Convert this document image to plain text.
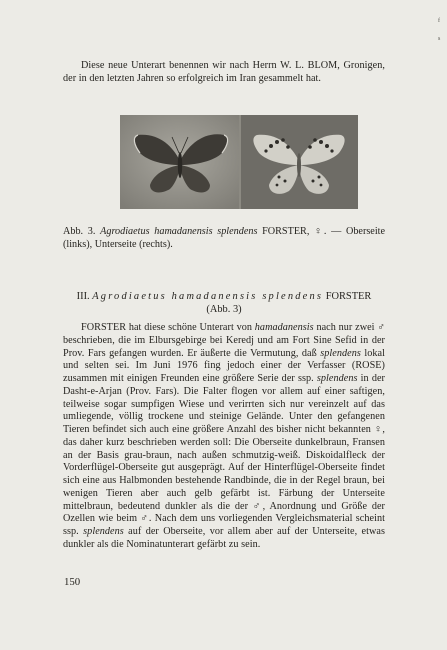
f
s

Diese neue Unterart benennen wir nach Herrn W. L. BLOM, Gronigen, der in den letzten Jahren so erfolgreich im Iran gesammelt hat.

Abb. 3. Agrodiaetus hamadanensis splendens FORSTER, ♀. — Oberseite (links), Unterseite (rechts).

III. Agrodiaetus hamadanensis splendens FORSTER
(Abb. 3)

FORSTER hat diese schöne Unterart von hamadanensis nach nur zwei ♂ beschrieben, die im Elbursgebirge bei Keredj und am Fort Sine Sefid in der Prov. Fars gefangen wurden. Er äußerte die Vermutung, daß splendens lokal und selten sei. Im Juni 1976 fing jedoch einer der Verfasser (ROSE) zusammen mit einigen Freunden eine größere Serie der ssp. splendens in der Dasht-e-Arjan (Prov. Fars). Die Falter flogen vor allem auf einer saftigen, teilweise sogar sumpfigen Wiese und verirrten sich nur vereinzelt auf das umliegende, völlig trockene und steinige Gelände. Unter den gefangenen Tieren befindet sich auch eine größere Anzahl des bisher nicht bekannten ♀, das daher kurz beschrieben werden soll: Die Oberseite dunkelbraun, Fransen an der Basis grau-braun, nach außen schmutzig-weiß. Diskoidalfleck der Vorderflügel-Oberseite gut ausgeprägt. Auf der Hinterflügel-Oberseite findet sich eine aus Halbmonden bestehende Randbinde, die in der Regel braun, bei wenigen Tieren aber auch gelb gefärbt ist. Färbung der Unterseite mittelbraun, bedeutend dunkler als die der ♂, Anordnung und Größe der Ozellen wie beim ♂. Nach dem uns vorliegenden Vergleichsmaterial scheint ssp. splendens auf der Oberseite, vor allem aber auf der Unterseite, etwas dunkler als die Nominatunterart gefärbt zu sein.

150
